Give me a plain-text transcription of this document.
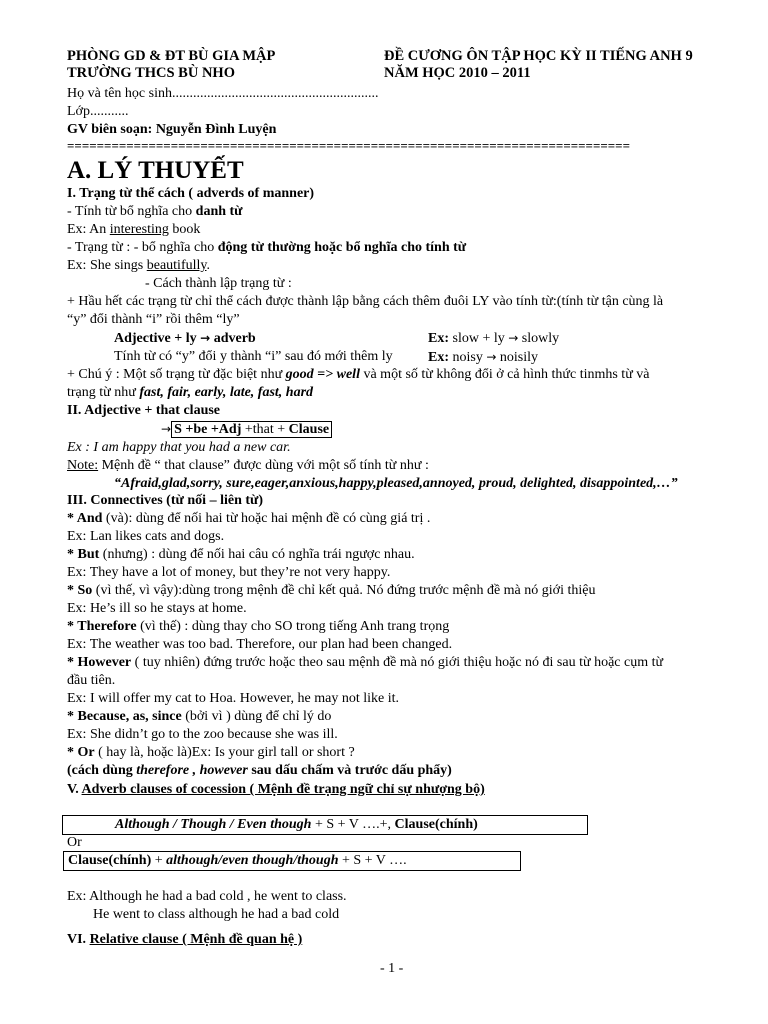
PHÒNG GD & ĐT BÙ GIA MẬP
TRƯỜNG THCS BÙ NHO
ĐỀ CƯƠNG ÔN TẬP HỌC KỲ II TIẾNG ANH 9
NĂM HỌC 2010 – 2011
Họ và tên học sinh...........................................................
Lớp...........
GV biên soạn: Nguyễn Đình Luyện
============================================================================
A. LÝ THUYẾT
I. Trạng từ thể cách ( adverds of manner)
- Tính từ bổ nghĩa cho danh từ
Ex: An interesting book
- Trạng từ : - bổ nghĩa cho động từ thường hoặc bổ nghĩa cho tính từ
Ex: She sings beautifully.
- Cách thành lập trạng từ :
+ Hầu hết các trạng từ chỉ thể cách được thành lập bằng cách thêm đuôi LY vào tính từ:(tính từ tận cùng là
“y” đổi thành “i” rồi thêm “ly”
Adjective + ly → adverb	Ex: slow + ly → slowly
Tính từ có “y” đổi y thành “i” sau đó mới thêm ly	Ex: noisy → noisily
+ Chú ý : Một số trạng từ đặc biệt như good => well và một số từ không đổi ở cả hình thức tinmhs từ và
trạng từ như fast, fair, early, late, fast, hard
II. Adjective + that clause
→ S +be +Adj +that + Clause
Ex : I am happy that you had a new car.
Note: Mệnh đề “ that clause” được dùng với một số tính từ như :
“Afraid,glad,sorry, sure,eager,anxious,happy,pleased,annoyed, proud, delighted, disappointed,…”
III. Connectives (từ nối – liên từ)
* And (và): dùng để nối hai từ hoặc hai mệnh đề có cùng giá trị .
Ex: Lan likes cats and dogs.
* But (nhưng) : dùng để nối hai câu có nghĩa trái ngược nhau.
Ex: They have a lot of money, but they’re not very happy.
* So (vì thế, vì vậy):dùng trong mệnh đề chỉ kết quả. Nó đứng trước mệnh đề mà nó giới thiệu
Ex: He’s ill so he stays at home.
* Therefore (vì thế) : dùng thay cho SO trong tiếng Anh trang trọng
Ex: The weather was too bad. Therefore, our plan had been changed.
* However ( tuy nhiên) đứng trước hoặc theo sau mệnh đề mà nó giới thiệu hoặc nó đi sau từ hoặc cụm từ
đầu tiên.
Ex: I will offer my cat to Hoa. However, he may not like it.
* Because, as, since (bởi vì ) dùng để chỉ lý do
Ex: She didn’t go to the zoo because she was ill.
* Or ( hay là, hoặc là)Ex: Is your girl tall or short ?
(cách dùng therefore , however sau dấu chấm và trước dấu phẩy)
V. Adverb clauses of cocession ( Mệnh đề trạng ngữ chỉ sự nhượng bộ)
Although / Though / Even though + S + V ….+, Clause(chính)
Or
Clause(chính) + although/even though/though + S + V ….
Ex: Although he had a bad cold , he went to class.
He went to class although he had a bad cold
VI. Relative clause ( Mệnh đề quan hệ )
- 1 -
